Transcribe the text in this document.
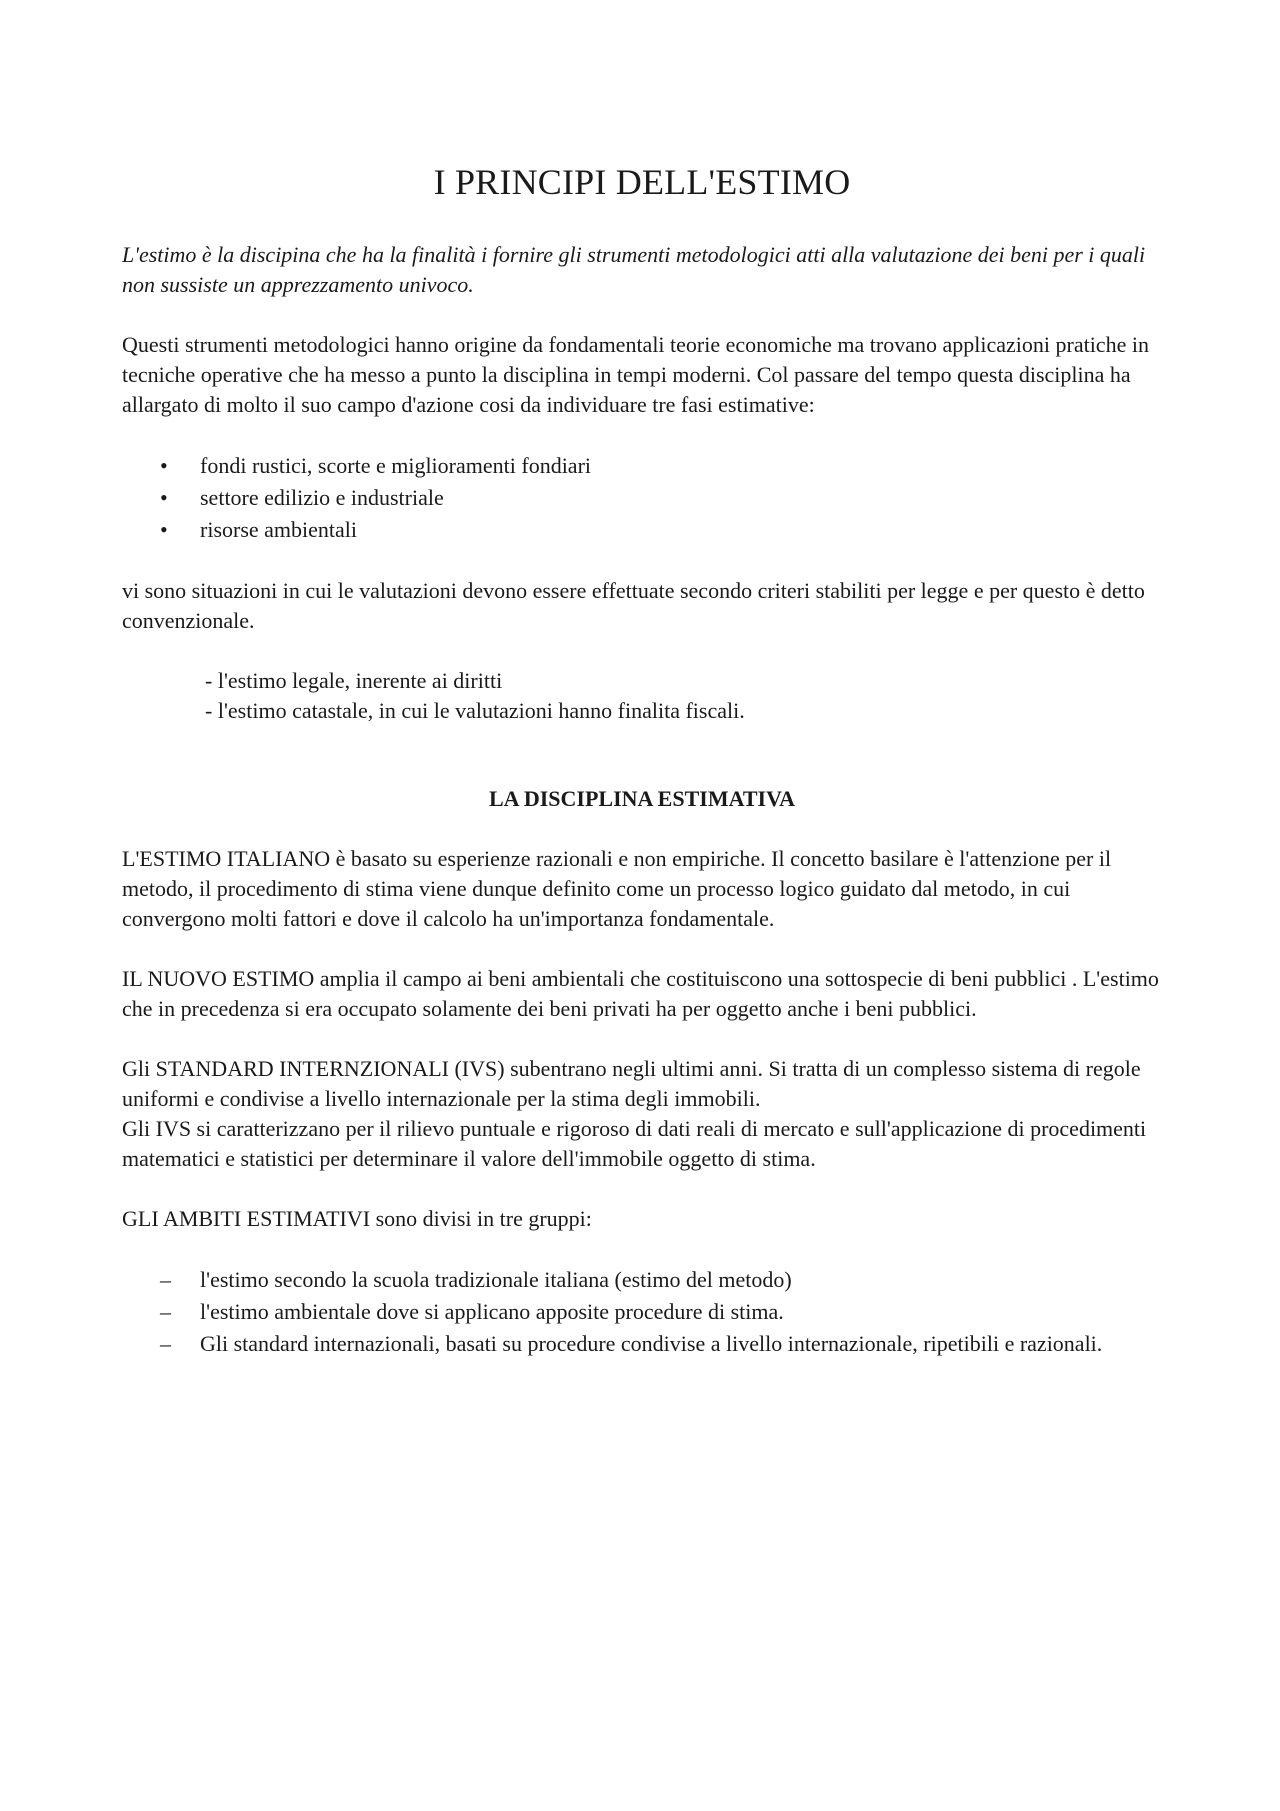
I PRINCIPI DELL'ESTIMO

L'estimo è la discipina che ha la finalità i fornire gli strumenti metodologici atti alla valutazione dei beni per i quali non sussiste un apprezzamento univoco.

Questi strumenti metodologici hanno origine da fondamentali teorie economiche ma trovano applicazioni pratiche in tecniche operative che ha messo a punto la disciplina in tempi moderni. Col passare del tempo questa disciplina ha allargato di molto il suo campo d'azione cosi da individuare tre fasi estimative:

• fondi rustici, scorte e miglioramenti fondiari
• settore edilizio e industriale
• risorse ambientali

vi sono situazioni in cui le valutazioni devono essere effettuate secondo criteri stabiliti per legge e per questo è detto convenzionale.

- l'estimo legale, inerente ai diritti

- l'estimo catastale, in cui le valutazioni hanno finalita fiscali.

LA DISCIPLINA ESTIMATIVA

L'ESTIMO ITALIANO è basato su esperienze razionali e non empiriche. Il concetto basilare è l'attenzione per il metodo, il procedimento di stima viene dunque definito come un processo logico guidato dal metodo, in cui convergono molti fattori e dove il calcolo ha un'importanza fondamentale.

IL NUOVO ESTIMO amplia il campo ai beni ambientali che costituiscono una sottospecie di beni pubblici . L'estimo che in precedenza si era occupato solamente dei beni privati ha per oggetto anche i beni pubblici.

Gli STANDARD INTERNZIONALI (IVS) subentrano negli ultimi anni. Si tratta di un complesso sistema di regole uniformi e condivise a livello internazionale per la stima degli immobili.

Gli IVS si caratterizzano per il rilievo puntuale e rigoroso di dati reali di mercato e sull'applicazione di procedimenti matematici e statistici per determinare il valore dell'immobile oggetto di stima.

GLI AMBITI ESTIMATIVI sono divisi in tre gruppi:

– l'estimo secondo la scuola tradizionale italiana (estimo del metodo)
– l'estimo ambientale dove si applicano apposite procedure di stima.
– Gli standard internazionali, basati su procedure condivise a livello internazionale, ripetibili e razionali.
